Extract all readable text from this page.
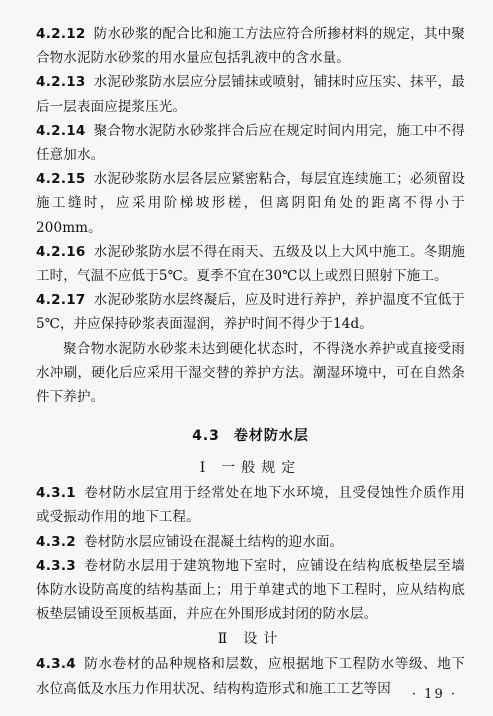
4.2.12 防水砂浆的配合比和施工方法应符合所掺材料的规定，其中聚合物水泥防水砂浆的用水量应包括乳液中的含水量。

4.2.13 水泥砂浆防水层应分层铺抹或喷射，铺抹时应压实、抹平，最后一层表面应提浆压光。

4.2.14 聚合物水泥防水砂浆拌合后应在规定时间内用完，施工中不得任意加水。

4.2.15 水泥砂浆防水层各层应紧密粘合，每层宜连续施工；必须留设施工缝时，应采用阶梯坡形槎，但离阴阳角处的距离不得小于200mm。

4.2.16 水泥砂浆防水层不得在雨天、五级及以上大风中施工。冬期施工时，气温不应低于5℃。夏季不宜在30℃以上或烈日照射下施工。

4.2.17 水泥砂浆防水层终凝后，应及时进行养护，养护温度不宜低于5℃，并应保持砂浆表面湿润，养护时间不得少于14d。

聚合物水泥防水砂浆未达到硬化状态时，不得浇水养护或直接受雨水冲刷，硬化后应采用干湿交替的养护方法。潮湿环境中，可在自然条件下养护。

4.3 卷材防水层
Ⅰ 一般规定

4.3.1 卷材防水层宜用于经常处在地下水环境，且受侵蚀性介质作用或受振动作用的地下工程。

4.3.2 卷材防水层应铺设在混凝土结构的迎水面。

4.3.3 卷材防水层用于建筑物地下室时，应铺设在结构底板垫层至墙体防水设防高度的结构基面上；用于单建式的地下工程时，应从结构底板垫层铺设至顶板基面，并应在外围形成封闭的防水层。

Ⅱ 设计

4.3.4 防水卷材的品种规格和层数，应根据地下工程防水等级、地下水位高低及水压力作用状况、结构构造形式和施工工艺等因	· 19 ·
